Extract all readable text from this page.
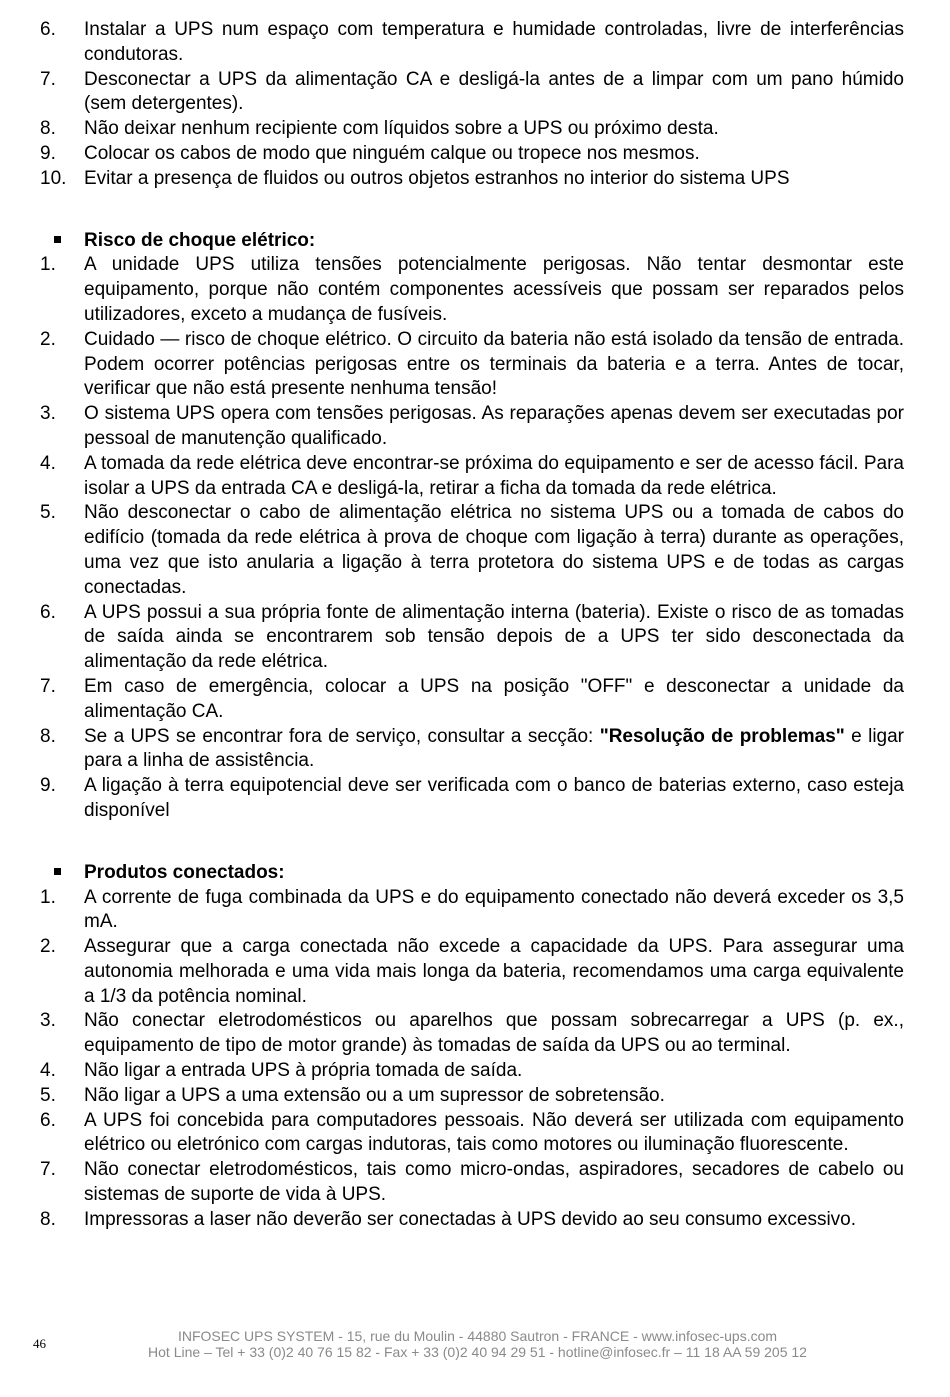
6. Instalar a UPS num espaço com temperatura e humidade controladas, livre de interferências condutoras.
7. Desconectar a UPS da alimentação CA e desligá-la antes de a limpar com um pano húmido (sem detergentes).
8. Não deixar nenhum recipiente com líquidos sobre a UPS ou próximo desta.
9. Colocar os cabos de modo que ninguém calque ou tropece nos mesmos.
10. Evitar a presença de fluidos ou outros objetos estranhos no interior do sistema UPS
Risco de choque elétrico:
1. A unidade UPS utiliza tensões potencialmente perigosas. Não tentar desmontar este equipamento, porque não contém componentes acessíveis que possam ser reparados pelos utilizadores, exceto a mudança de fusíveis.
2. Cuidado — risco de choque elétrico. O circuito da bateria não está isolado da tensão de entrada. Podem ocorrer potências perigosas entre os terminais da bateria e a terra. Antes de tocar, verificar que não está presente nenhuma tensão!
3. O sistema UPS opera com tensões perigosas. As reparações apenas devem ser executadas por pessoal de manutenção qualificado.
4. A tomada da rede elétrica deve encontrar-se próxima do equipamento e ser de acesso fácil. Para isolar a UPS da entrada CA e desligá-la, retirar a ficha da tomada da rede elétrica.
5. Não desconectar o cabo de alimentação elétrica no sistema UPS ou a tomada de cabos do edifício (tomada da rede elétrica à prova de choque com ligação à terra) durante as operações, uma vez que isto anularia a ligação à terra protetora do sistema UPS e de todas as cargas conectadas.
6. A UPS possui a sua própria fonte de alimentação interna (bateria). Existe o risco de as tomadas de saída ainda se encontrarem sob tensão depois de a UPS ter sido desconectada da alimentação da rede elétrica.
7. Em caso de emergência, colocar a UPS na posição "OFF" e desconectar a unidade da alimentação CA.
8. Se a UPS se encontrar fora de serviço, consultar a secção: "Resolução de problemas" e ligar para a linha de assistência.
9. A ligação à terra equipotencial deve ser verificada com o banco de baterias externo, caso esteja disponível
Produtos conectados:
1. A corrente de fuga combinada da UPS e do equipamento conectado não deverá exceder os 3,5 mA.
2. Assegurar que a carga conectada não excede a capacidade da UPS. Para assegurar uma autonomia melhorada e uma vida mais longa da bateria, recomendamos uma carga equivalente a 1/3 da potência nominal.
3. Não conectar eletrodomésticos ou aparelhos que possam sobrecarregar a UPS (p. ex., equipamento de tipo de motor grande) às tomadas de saída da UPS ou ao terminal.
4. Não ligar a entrada UPS à própria tomada de saída.
5. Não ligar a UPS a uma extensão ou a um supressor de sobretensão.
6. A UPS foi concebida para computadores pessoais. Não deverá ser utilizada com equipamento elétrico ou eletrónico com cargas indutoras, tais como motores ou iluminação fluorescente.
7. Não conectar eletrodomésticos, tais como micro-ondas, aspiradores, secadores de cabelo ou sistemas de suporte de vida à UPS.
8. Impressoras a laser não deverão ser conectadas à UPS devido ao seu consumo excessivo.
46	INFOSEC UPS SYSTEM - 15, rue du Moulin - 44880 Sautron - FRANCE - www.infosec-ups.com
Hot Line – Tel + 33 (0)2 40 76 15 82 - Fax + 33 (0)2 40 94 29 51 - hotline@infosec.fr – 11 18 AA 59 205 12
